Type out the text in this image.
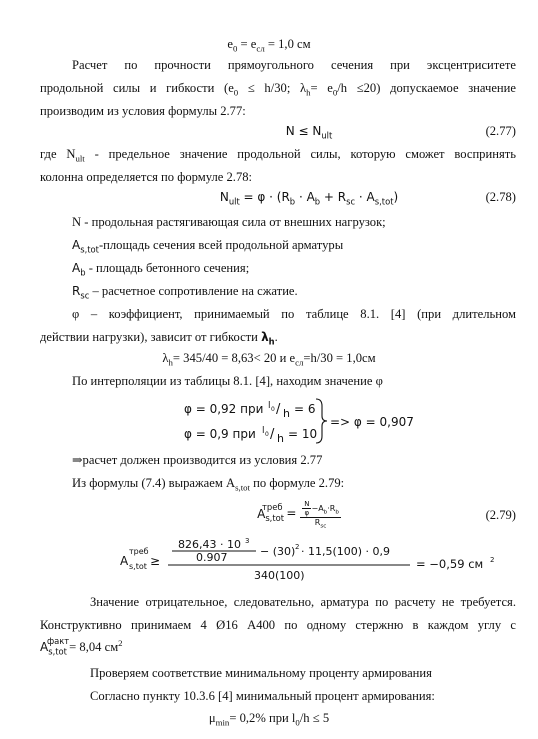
$e_0 = e_{сл} = 1,0$ см
Расчет по прочности прямоугольного сечения при эксцентриситете
продольной силы и гибкости ($e_0 \le h/30$; $\lambda_h= e_0/h \le 20$) допускаемое значение
производим из условия формулы 2.77:
$N \le N_{ult}$	(2.77)
где $N_{ult}$ - предельное значение продольной силы, которую сможет воспринять
колонна определяется по формуле 2.78:
$N_{ult} = \varphi \cdot (R_b \cdot A_b + R_{sc} \cdot A_{s,tot})$	(2.78)
N - продольная растягивающая сила от внешних нагрузок;
$A_{s,tot}$-площадь сечения всей продольной арматуры
$A_b$ - площадь бетонного сечения;
$R_{sc}$ – расчетное сопротивление на сжатие.
φ – коэффициент, принимаемый по таблице 8.1. [4] (при длительном
действии нагрузки), зависит от гибкости $\lambda_h$.
$\lambda_h= 345/40 = 8,63< 20$ и $e_{сл}=h/30 = 1,0см$
По интерполяции из таблицы 8.1. [4], находим значение φ
φ = 0,92 при l 0 / h = 6
φ = 0,9 при l 0 / h = 10
=> φ = 0,907
⇒расчет должен производится из условия 2.77
Из формулы (7.4) выражаем $A_{s,tot}$ по формуле 2.79:
$A_{s,tot}^{треб} = \frac{\frac{N}{\varphi} -A_b\cdot R_b}{R_{sc}}$	(2.79)
A
треб
s,tot ≥
826,43 · 10 3
0.907	− (30) 2 · 11,5(100) · 0,9
340(100)
= −0,59 см 2
Значение отрицательное, следовательно, арматура по расчету не требуется.
Конструктивно принимаем 4 Ø16 А400 по одному стержню в каждом углу с
$A_{s,tot}^{факт}= 8,04$ $см^2$
Проверяем соответствие минимальному проценту армирования
Согласно пункту 10.3.6 [4] минимальный процент армирования:
$\mu_{min}= 0,2\%$ при $l_0/h \le 5$
